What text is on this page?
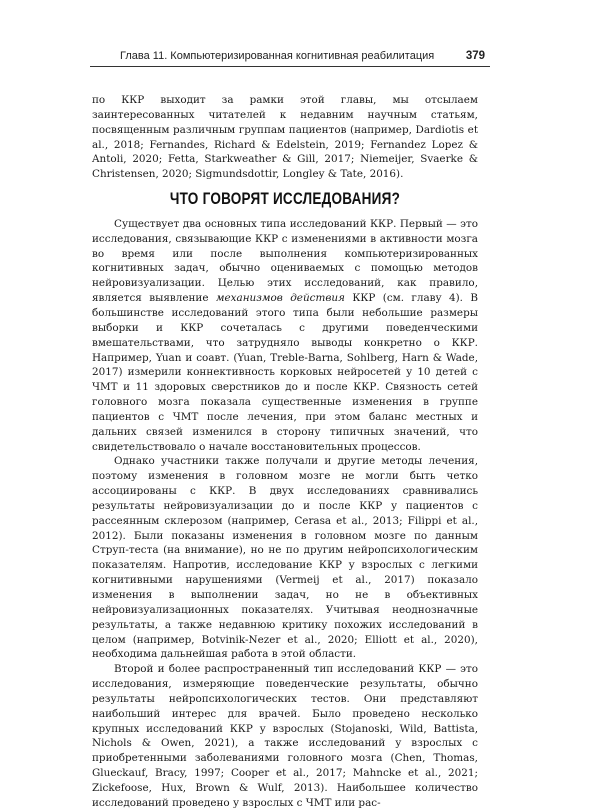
Глава 11. Компьютеризированная когнитивная реабилитация	379

по ККР выходит за рамки этой главы, мы отсылаем заинтересованных читателей к недавним научным статьям, посвященным различным группам пациентов (например, Dardiotis et al., 2018; Fernandes, Richard & Edelstein, 2019; Fernandez Lopez & Antoli, 2020; Fetta, Starkweather & Gill, 2017; Niemeijer, Svaerke & Christensen, 2020; Sigmundsdottir, Longley & Tate, 2016).

ЧТО ГОВОРЯТ ИССЛЕДОВАНИЯ?

Существует два основных типа исследований ККР. Первый — это исследования, связывающие ККР с изменениями в активности мозга во время или после выполнения компьютеризированных когнитивных задач, обычно оцениваемых с помощью методов нейровизуализации. Целью этих исследований, как правило, является выявление механизмов действия ККР (см. главу 4). В большинстве исследований этого типа были небольшие размеры выборки и ККР сочеталась с другими поведенческими вмешательствами, что затрудняло выводы конкретно о ККР. Например, Yuan и соавт. (Yuan, Treble-Barna, Sohlberg, Harn & Wade, 2017) измерили коннективность корковых нейросетей у 10 детей с ЧМТ и 11 здоровых сверстников до и после ККР. Связность сетей головного мозга показала существенные изменения в группе пациентов с ЧМТ после лечения, при этом баланс местных и дальних связей изменился в сторону типичных значений, что свидетельствовало о начале восстановительных процессов.

Однако участники также получали и другие методы лечения, поэтому изменения в головном мозге не могли быть четко ассоциированы с ККР. В двух исследованиях сравнивались результаты нейровизуализации до и после ККР у пациентов с рассеянным склерозом (например, Cerasa et al., 2013; Filippi et al., 2012). Были показаны изменения в головном мозге по данным Струп-теста (на внимание), но не по другим нейропсихологическим показателям. Напротив, исследование ККР у взрослых с легкими когнитивными нарушениями (Vermeij et al., 2017) показало изменения в выполнении задач, но не в объективных нейровизуализационных показателях. Учитывая неоднозначные результаты, а также недавнюю критику похожих исследований в целом (например, Botvinik-Nezer et al., 2020; Elliott et al., 2020), необходима дальнейшая работа в этой области.

Второй и более распространенный тип исследований ККР — это исследования, измеряющие поведенческие результаты, обычно результаты нейропсихологических тестов. Они представляют наибольший интерес для врачей. Было проведено несколько крупных исследований ККР у взрослых (Stojanoski, Wild, Battista, Nichols & Owen, 2021), а также исследований у взрослых с приобретенными заболеваниями головного мозга (Chen, Thomas, Glueckauf, Bracy, 1997; Cooper et al., 2017; Mahncke et al., 2021; Zickefoose, Hux, Brown & Wulf, 2013). Наибольшее количество исследований проведено у взрослых с ЧМТ или рас-
